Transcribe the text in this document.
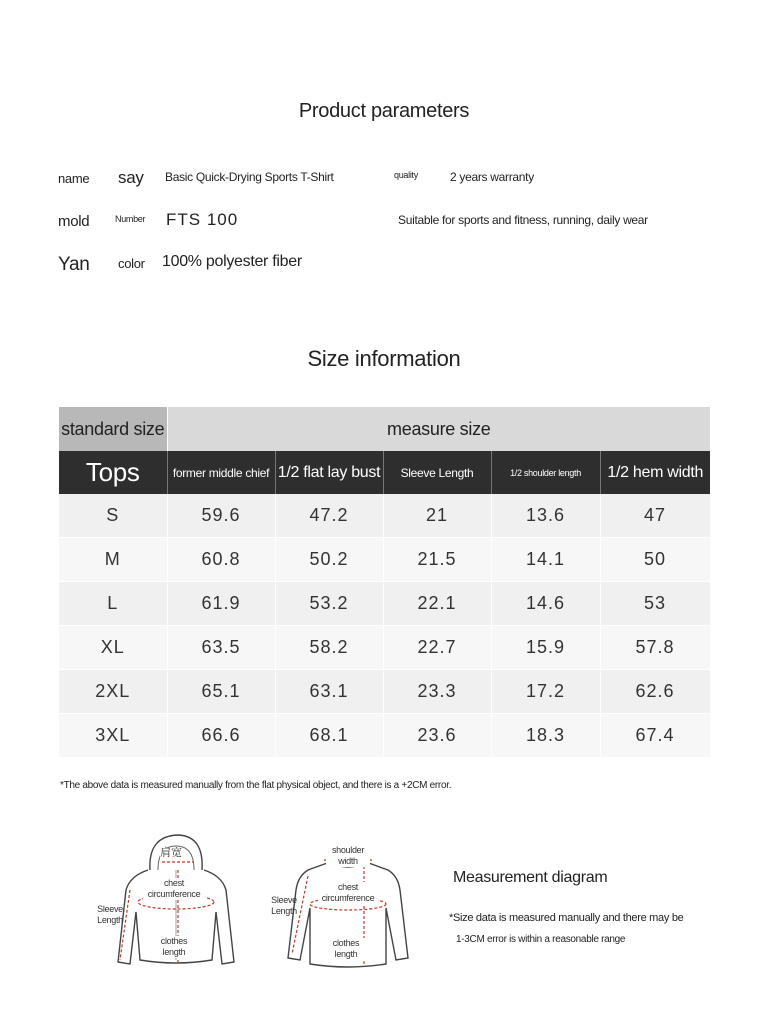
Product parameters
name say Basic Quick-Drying Sports T-Shirt	quality	2 years warranty
mold	Number FTS 100	Suitable for sports and fitness, running, daily wear
Yan color 100% polyester fiber
Size information
standard size	measure size				
Tops	former middle chief	1/2 flat lay bust	Sleeve Length	1/2 shoulder length	1/2 hem width
S	59.6	47.2	21	13.6	47
M	60.8	50.2	21.5	14.1	50
L	61.9	53.2	22.1	14.6	53
XL	63.5	58.2	22.7	15.9	57.8
2XL	65.1	63.1	23.3	17.2	62.6
3XL	66.6	68.1	23.6	18.3	67.4
*The above data is measured manually from the flat physical object, and there is a +2CM error.
肩宽
chest circumference
Sleeve Length
clothes length
shoulder width
chest circumference
Sleeve Length
clothes length
Measurement diagram
*Size data is measured manually and there may be
1-3CM error is within a reasonable range
